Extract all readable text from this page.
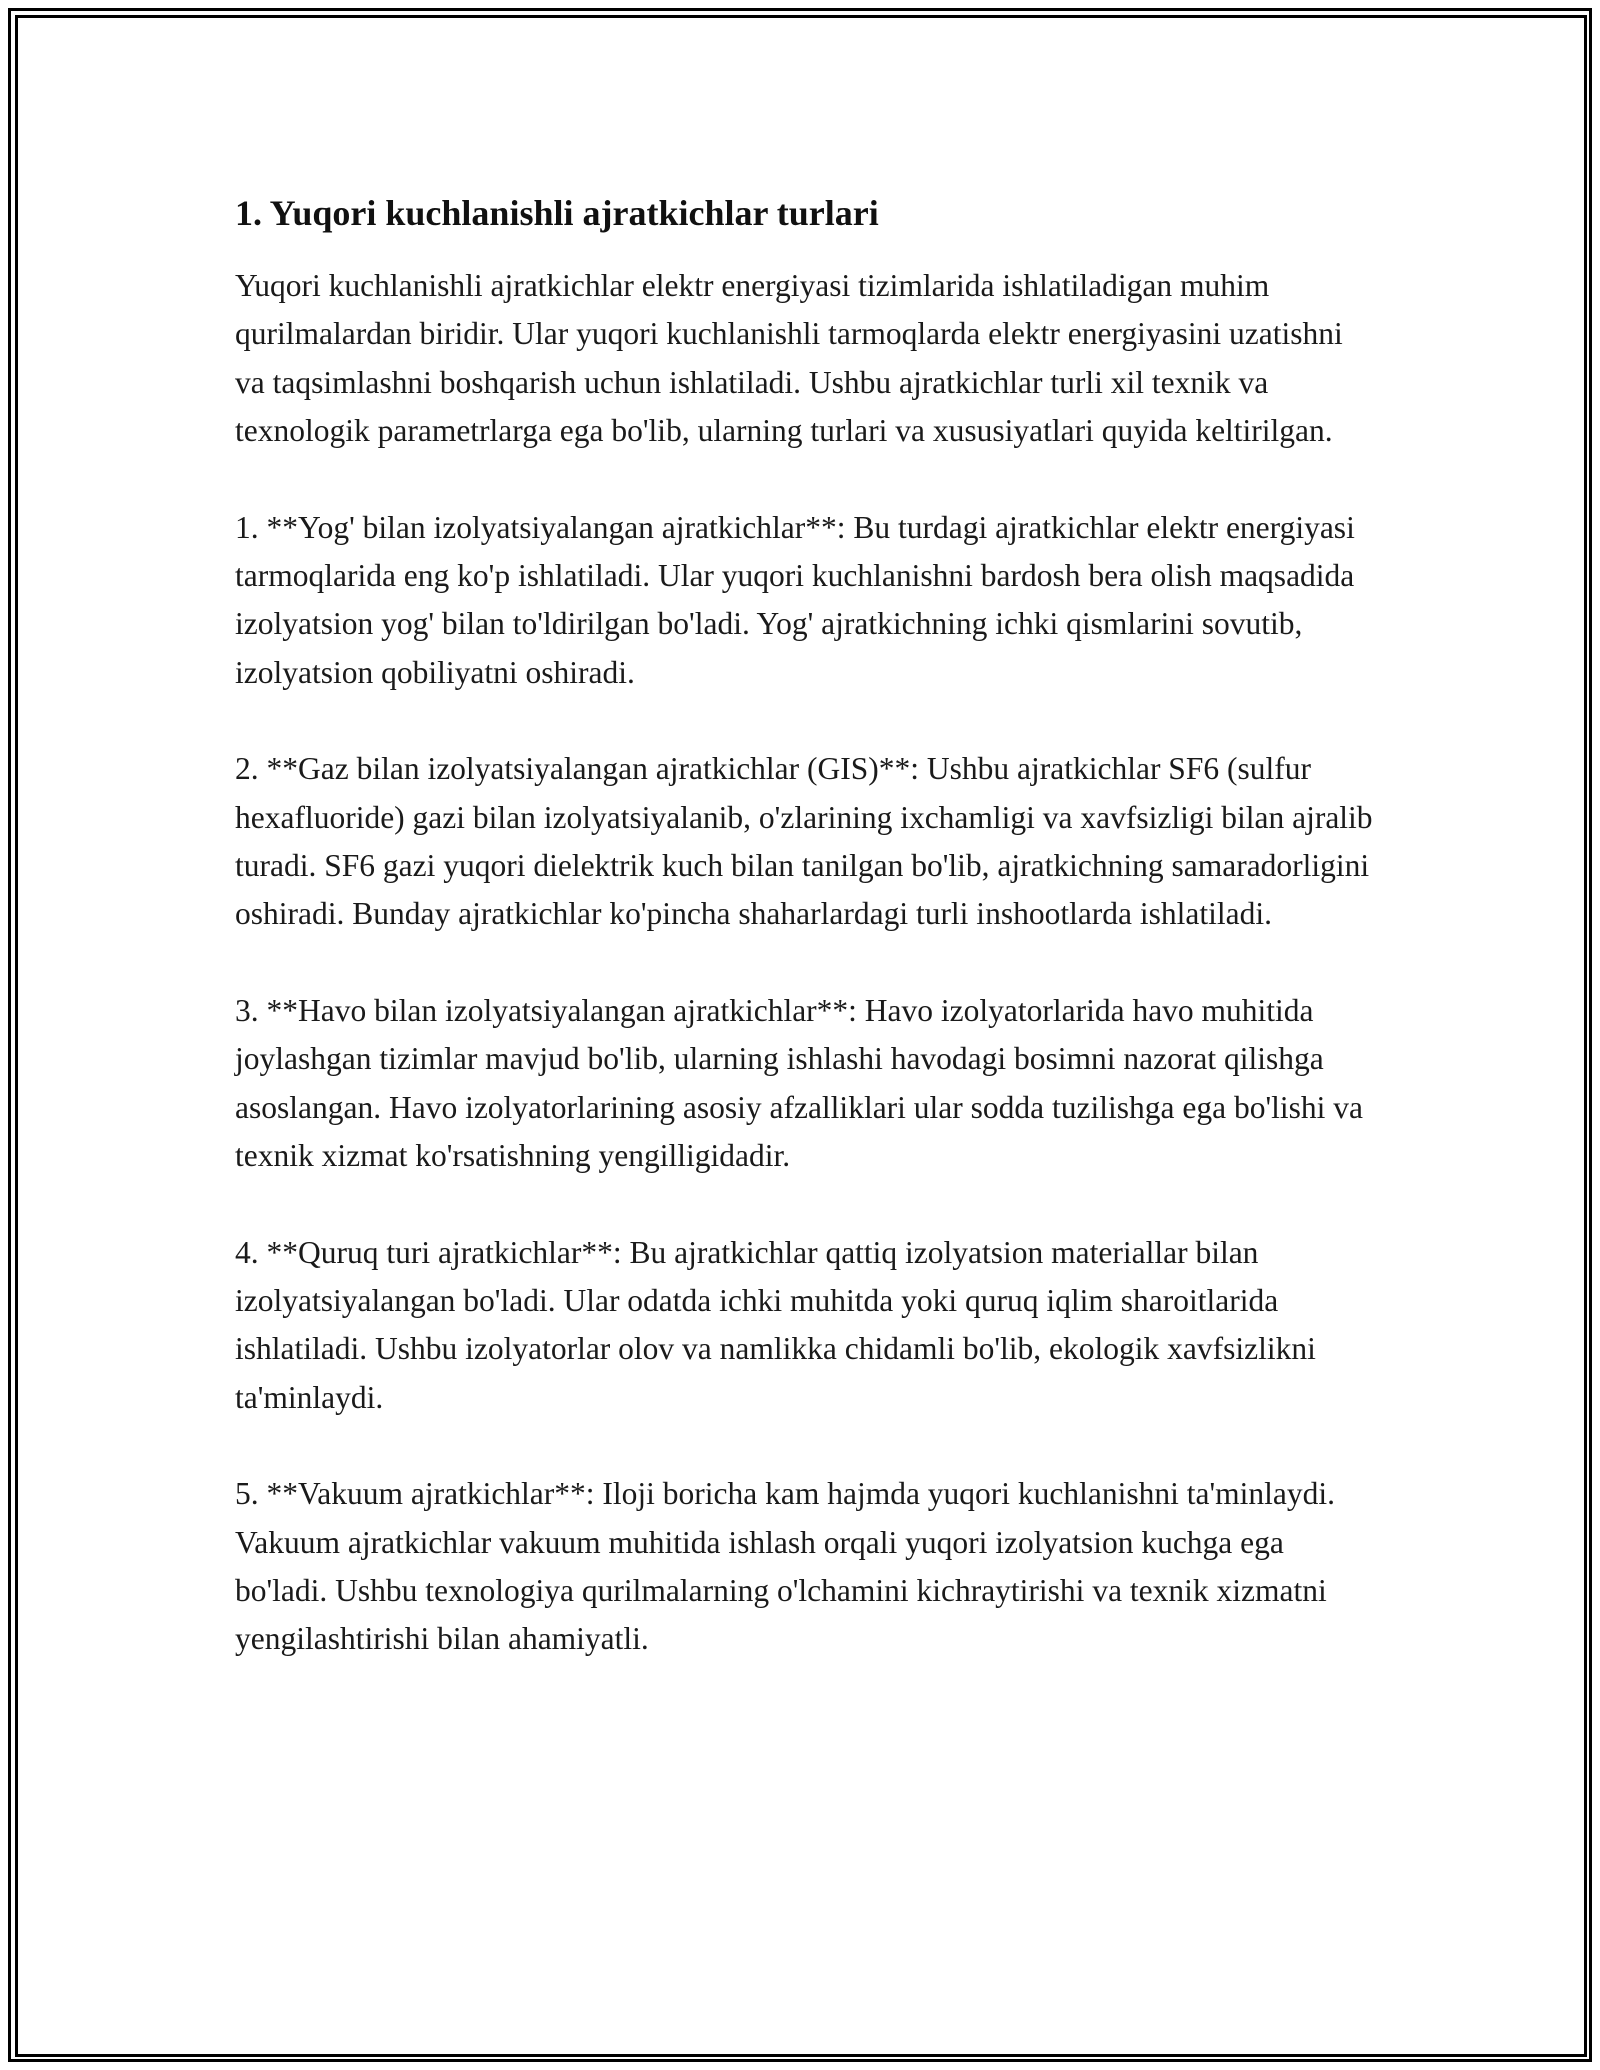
1. Yuqori kuchlanishli ajratkichlar turlari

Yuqori kuchlanishli ajratkichlar elektr energiyasi tizimlarida ishlatiladigan muhim qurilmalardan biridir. Ular yuqori kuchlanishli tarmoqlarda elektr energiyasini uzatishni va taqsimlashni boshqarish uchun ishlatiladi. Ushbu ajratkichlar turli xil texnik va texnologik parametrlarga ega bo'lib, ularning turlari va xususiyatlari quyida keltirilgan.

1. **Yog' bilan izolyatsiyalangan ajratkichlar**: Bu turdagi ajratkichlar elektr energiyasi tarmoqlarida eng ko'p ishlatiladi. Ular yuqori kuchlanishni bardosh bera olish maqsadida izolyatsion yog' bilan to'ldirilgan bo'ladi. Yog' ajratkichning ichki qismlarini sovutib, izolyatsion qobiliyatni oshiradi.

2. **Gaz bilan izolyatsiyalangan ajratkichlar (GIS)**: Ushbu ajratkichlar SF6 (sulfur hexafluoride) gazi bilan izolyatsiyalanib, o'zlarining ixchamligi va xavfsizligi bilan ajralib turadi. SF6 gazi yuqori dielektrik kuch bilan tanilgan bo'lib, ajratkichning samaradorligini oshiradi. Bunday ajratkichlar ko'pincha shaharlardagi turli inshootlarda ishlatiladi.

3. **Havo bilan izolyatsiyalangan ajratkichlar**: Havo izolyatorlarida havo muhitida joylashgan tizimlar mavjud bo'lib, ularning ishlashi havodagi bosimni nazorat qilishga asoslangan. Havo izolyatorlarining asosiy afzalliklari ular sodda tuzilishga ega bo'lishi va texnik xizmat ko'rsatishning yengilligidadir.

4. **Quruq turi ajratkichlar**: Bu ajratkichlar qattiq izolyatsion materiallar bilan izolyatsiyalangan bo'ladi. Ular odatda ichki muhitda yoki quruq iqlim sharoitlarida ishlatiladi. Ushbu izolyatorlar olov va namlikka chidamli bo'lib, ekologik xavfsizlikni ta'minlaydi.

5. **Vakuum ajratkichlar**: Iloji boricha kam hajmda yuqori kuchlanishni ta'minlaydi. Vakuum ajratkichlar vakuum muhitida ishlash orqali yuqori izolyatsion kuchga ega bo'ladi. Ushbu texnologiya qurilmalarning o'lchamini kichraytirishi va texnik xizmatni yengilashtirishi bilan ahamiyatli.
